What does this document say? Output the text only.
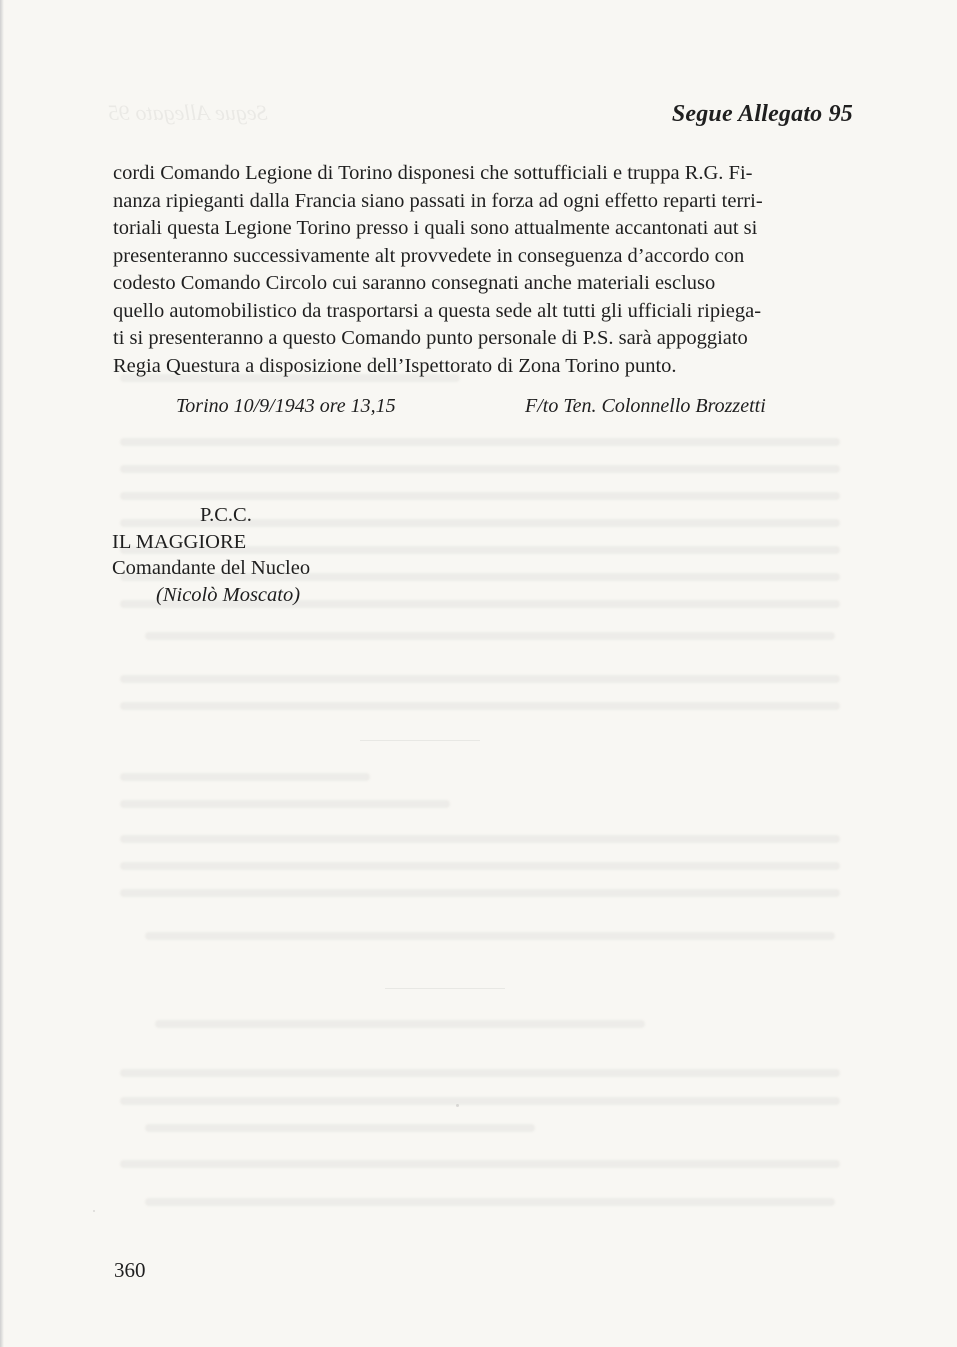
Segue Allegato 95	Segue Allegato 95
cordi Comando Legione di Torino disponesi che sottufficiali e truppa R.G. Fi-
nanza ripieganti dalla Francia siano passati in forza ad ogni effetto reparti terri-
toriali questa Legione Torino presso i quali sono attualmente accantonati aut si
presenteranno successivamente alt provvedete in conseguenza d’accordo con
codesto Comando Circolo cui saranno consegnati anche materiali escluso
quello automobilistico da trasportarsi a questa sede alt tutti gli ufficiali ripiega-
ti si presenteranno a questo Comando punto personale di P.S. sarà appoggiato
Regia Questura a disposizione dell’Ispettorato di Zona Torino punto.
Torino 10/9/1943 ore 13,15	F/to Ten. Colonnello Brozzetti
P.C.C.
IL MAGGIORE
Comandante del Nucleo
(Nicolò Moscato)
360
